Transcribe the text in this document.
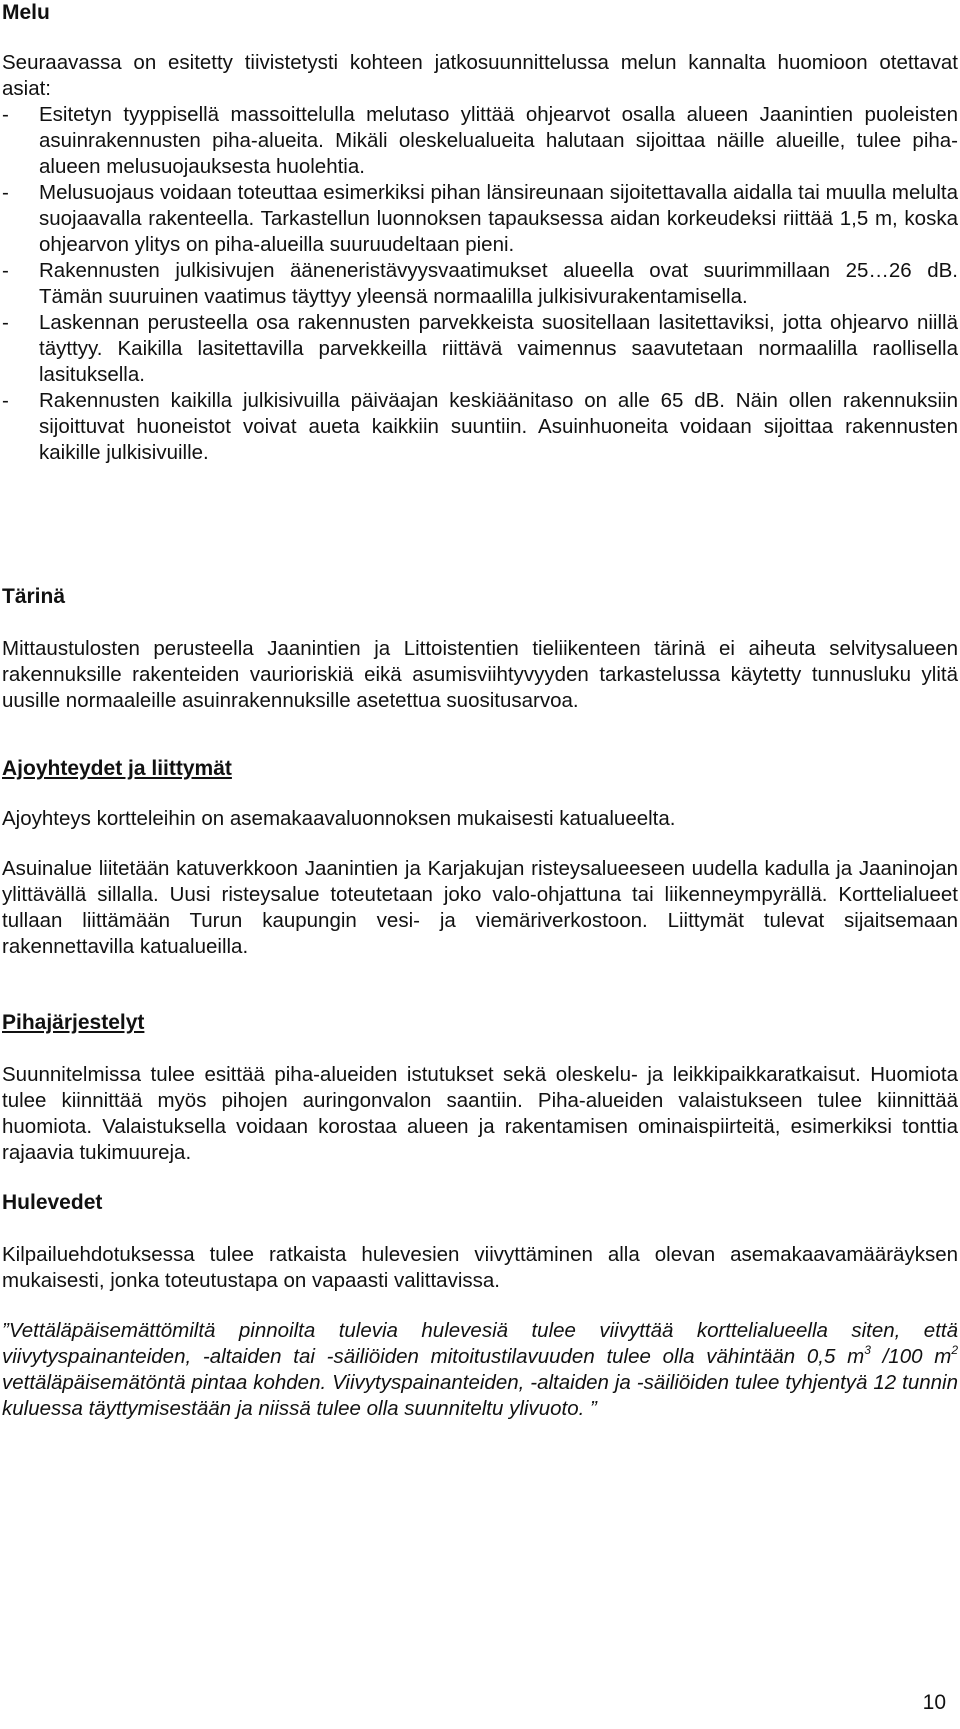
Melu

Seuraavassa on esitetty tiivistetysti kohteen jatkosuunnittelussa melun kannalta huomioon otettavat asiat:

-	Esitetyn tyyppisellä massoittelulla melutaso ylittää ohjearvot osalla alueen Jaanintien puoleisten asuinrakennusten piha-alueita. Mikäli oleskelualueita halutaan sijoittaa näille alueille, tulee piha-alueen melusuojauksesta huolehtia.
-	Melusuojaus voidaan toteuttaa esimerkiksi pihan länsireunaan sijoitettavalla aidalla tai muulla melulta suojaavalla rakenteella. Tarkastellun luonnoksen tapauksessa aidan korkeudeksi riittää 1,5 m, koska ohjearvon ylitys on piha-alueilla suuruudeltaan pieni.
-	Rakennusten julkisivujen ääneneristävyysvaatimukset alueella ovat suurimmillaan 25…26 dB. Tämän suuruinen vaatimus täyttyy yleensä normaalilla julkisivurakentamisella.
-	Laskennan perusteella osa rakennusten parvekkeista suositellaan lasitettaviksi, jotta ohjearvo niillä täyttyy. Kaikilla lasitettavilla parvekkeilla riittävä vaimennus saavutetaan normaalilla raollisella lasituksella.
-	Rakennusten kaikilla julkisivuilla päiväajan keskiäänitaso on alle 65 dB. Näin ollen rakennuksiin sijoittuvat huoneistot voivat aueta kaikkiin suuntiin. Asuinhuoneita voidaan sijoittaa rakennusten kaikille julkisivuille.
Tärinä

Mittaustulosten perusteella Jaanintien ja Littoistentien tieliikenteen tärinä ei aiheuta selvitysalueen rakennuksille rakenteiden vaurioriskiä eikä asumisviihtyvyyden tarkastelussa käytetty tunnusluku ylitä uusille normaaleille asuinrakennuksille asetettua suositusarvoa.

Ajoyhteydet ja liittymät

Ajoyhteys kortteleihin on asemakaavaluonnoksen mukaisesti katualueelta.

Asuinalue liitetään katuverkkoon Jaanintien ja Karjakujan risteysalueeseen uudella kadulla ja Jaaninojan ylittävällä sillalla. Uusi risteysalue toteutetaan joko valo-ohjattuna tai liikenneympyrällä. Korttelialueet tullaan liittämään Turun kaupungin vesi- ja viemäriverkostoon. Liittymät tulevat sijaitsemaan rakennettavilla katualueilla.

Pihajärjestelyt

Suunnitelmissa tulee esittää piha-alueiden istutukset sekä oleskelu- ja leikkipaikkaratkaisut. Huomiota tulee kiinnittää myös pihojen auringonvalon saantiin. Piha-alueiden valaistukseen tulee kiinnittää huomiota. Valaistuksella voidaan korostaa alueen ja rakentamisen ominaispiirteitä, esimerkiksi tonttia rajaavia tukimuureja.

Hulevedet

Kilpailuehdotuksessa tulee ratkaista hulevesien viivyttäminen alla olevan asemakaavamääräyksen mukaisesti, jonka toteutustapa on vapaasti valittavissa.

”Vettäläpäisemättömiltä pinnoilta tulevia hulevesiä tulee viivyttää korttelialueella siten, että viivytyspainanteiden, -altaiden tai -säiliöiden mitoitustilavuuden tulee olla vähintään 0,5 $m^3$ /100 $m^2$ vettäläpäisemätöntä pintaa kohden. Viivytyspainanteiden, -altaiden ja -säiliöiden tulee tyhjentyä 12 tunnin kuluessa täyttymisestään ja niissä tulee olla suunniteltu ylivuoto. ”

10
